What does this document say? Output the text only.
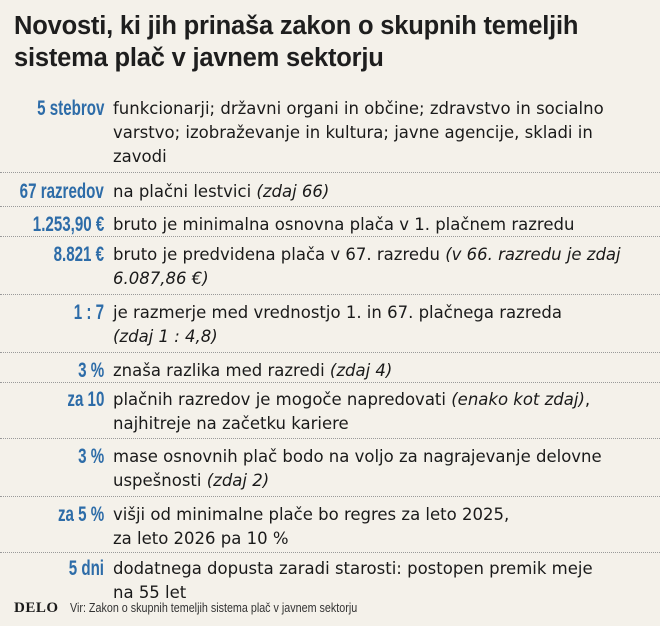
Novosti, ki jih prinaša zakon o skupnih temeljih
sistema plač v javnem sektorju
5 stebrov funkcionarji; državni organi in občine; zdravstvo in socialno
varstvo; izobraževanje in kultura; javne agencije, skladi in
zavodi
67 razredov na plačni lestvici (zdaj 66)
1.253,90 € bruto je minimalna osnovna plača v 1. plačnem razredu
8.821 € bruto je predvidena plača v 67. razredu (v 66. razredu je zdaj
6.087,86 €)
1 : 7 je razmerje med vrednostjo 1. in 67. plačnega razreda
(zdaj 1 : 4,8)
3 % znaša razlika med razredi (zdaj 4)
za 10 plačnih razredov je mogoče napredovati (enako kot zdaj),
najhitreje na začetku kariere
3 % mase osnovnih plač bodo na voljo za nagrajevanje delovne
uspešnosti (zdaj 2)
za 5 % višji od minimalne plače bo regres za leto 2025,
za leto 2026 pa 10 %
5 dni dodatnega dopusta zaradi starosti: postopen premik meje
na 55 let
DELO Vir: Zakon o skupnih temeljih sistema plač v javnem sektorju
